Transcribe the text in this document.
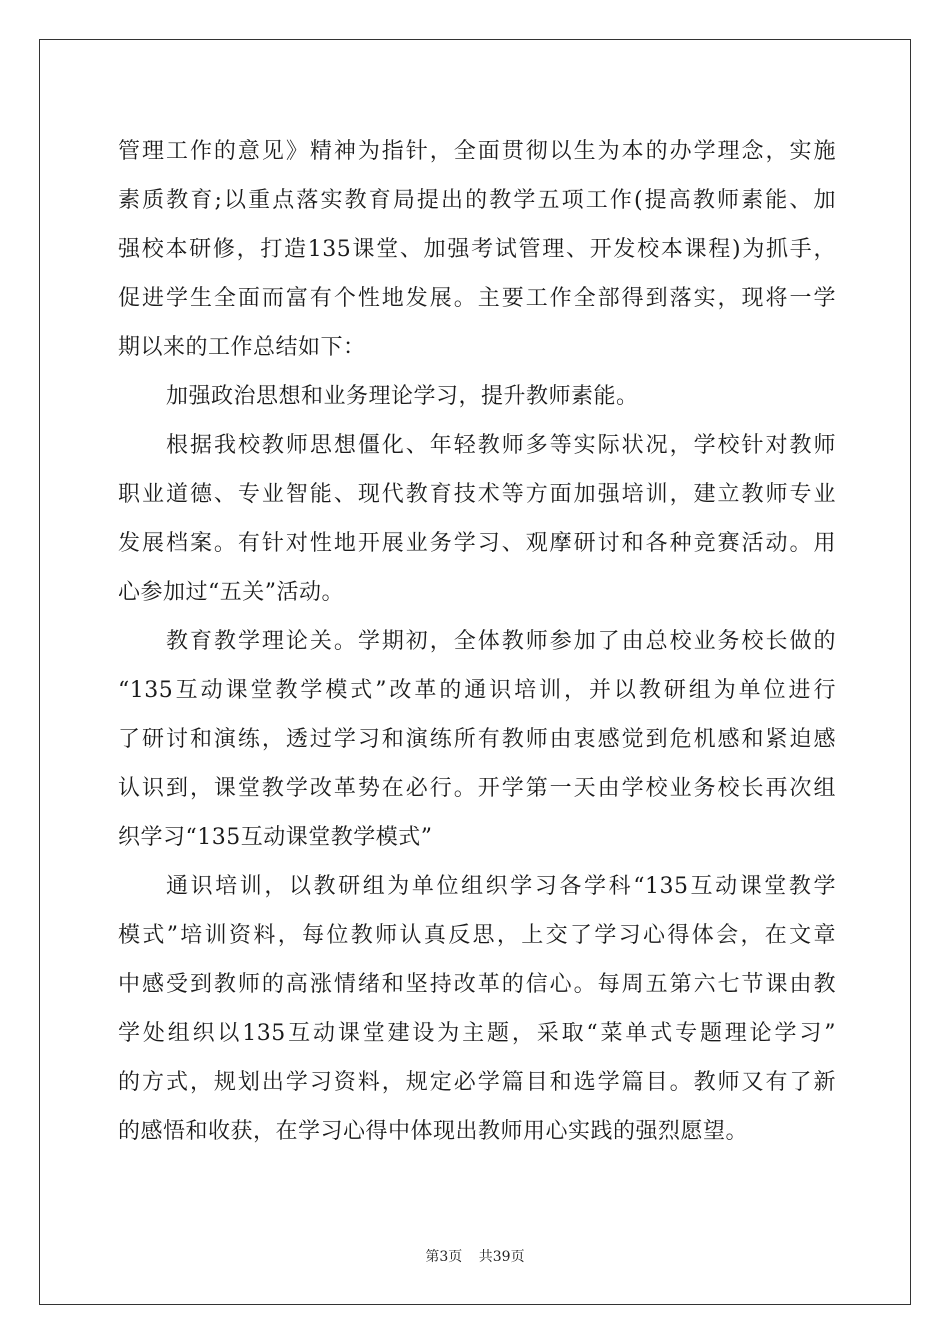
管理工作的意见》精神为指针，全面贯彻以生为本的办学理念，实施
素质教育;以重点落实教育局提出的教学五项工作(提高教师素能、加
强校本研修，打造135课堂、加强考试管理、开发校本课程)为抓手，
促进学生全面而富有个性地发展。主要工作全部得到落实，现将一学
期以来的工作总结如下：
加强政治思想和业务理论学习，提升教师素能。
根据我校教师思想僵化、年轻教师多等实际状况，学校针对教师
职业道德、专业智能、现代教育技术等方面加强培训，建立教师专业
发展档案。有针对性地开展业务学习、观摩研讨和各种竞赛活动。用
心参加过“五关”活动。
教育教学理论关。学期初，全体教师参加了由总校业务校长做的
“135互动课堂教学模式”改革的通识培训，并以教研组为单位进行
了研讨和演练，透过学习和演练所有教师由衷感觉到危机感和紧迫感
认识到，课堂教学改革势在必行。开学第一天由学校业务校长再次组
织学习“135互动课堂教学模式”
通识培训，以教研组为单位组织学习各学科“135互动课堂教学
模式”培训资料，每位教师认真反思，上交了学习心得体会，在文章
中感受到教师的高涨情绪和坚持改革的信心。每周五第六七节课由教
学处组织以135互动课堂建设为主题，采取“菜单式专题理论学习”
的方式，规划出学习资料，规定必学篇目和选学篇目。教师又有了新
的感悟和收获，在学习心得中体现出教师用心实践的强烈愿望。
第3页 共39页
